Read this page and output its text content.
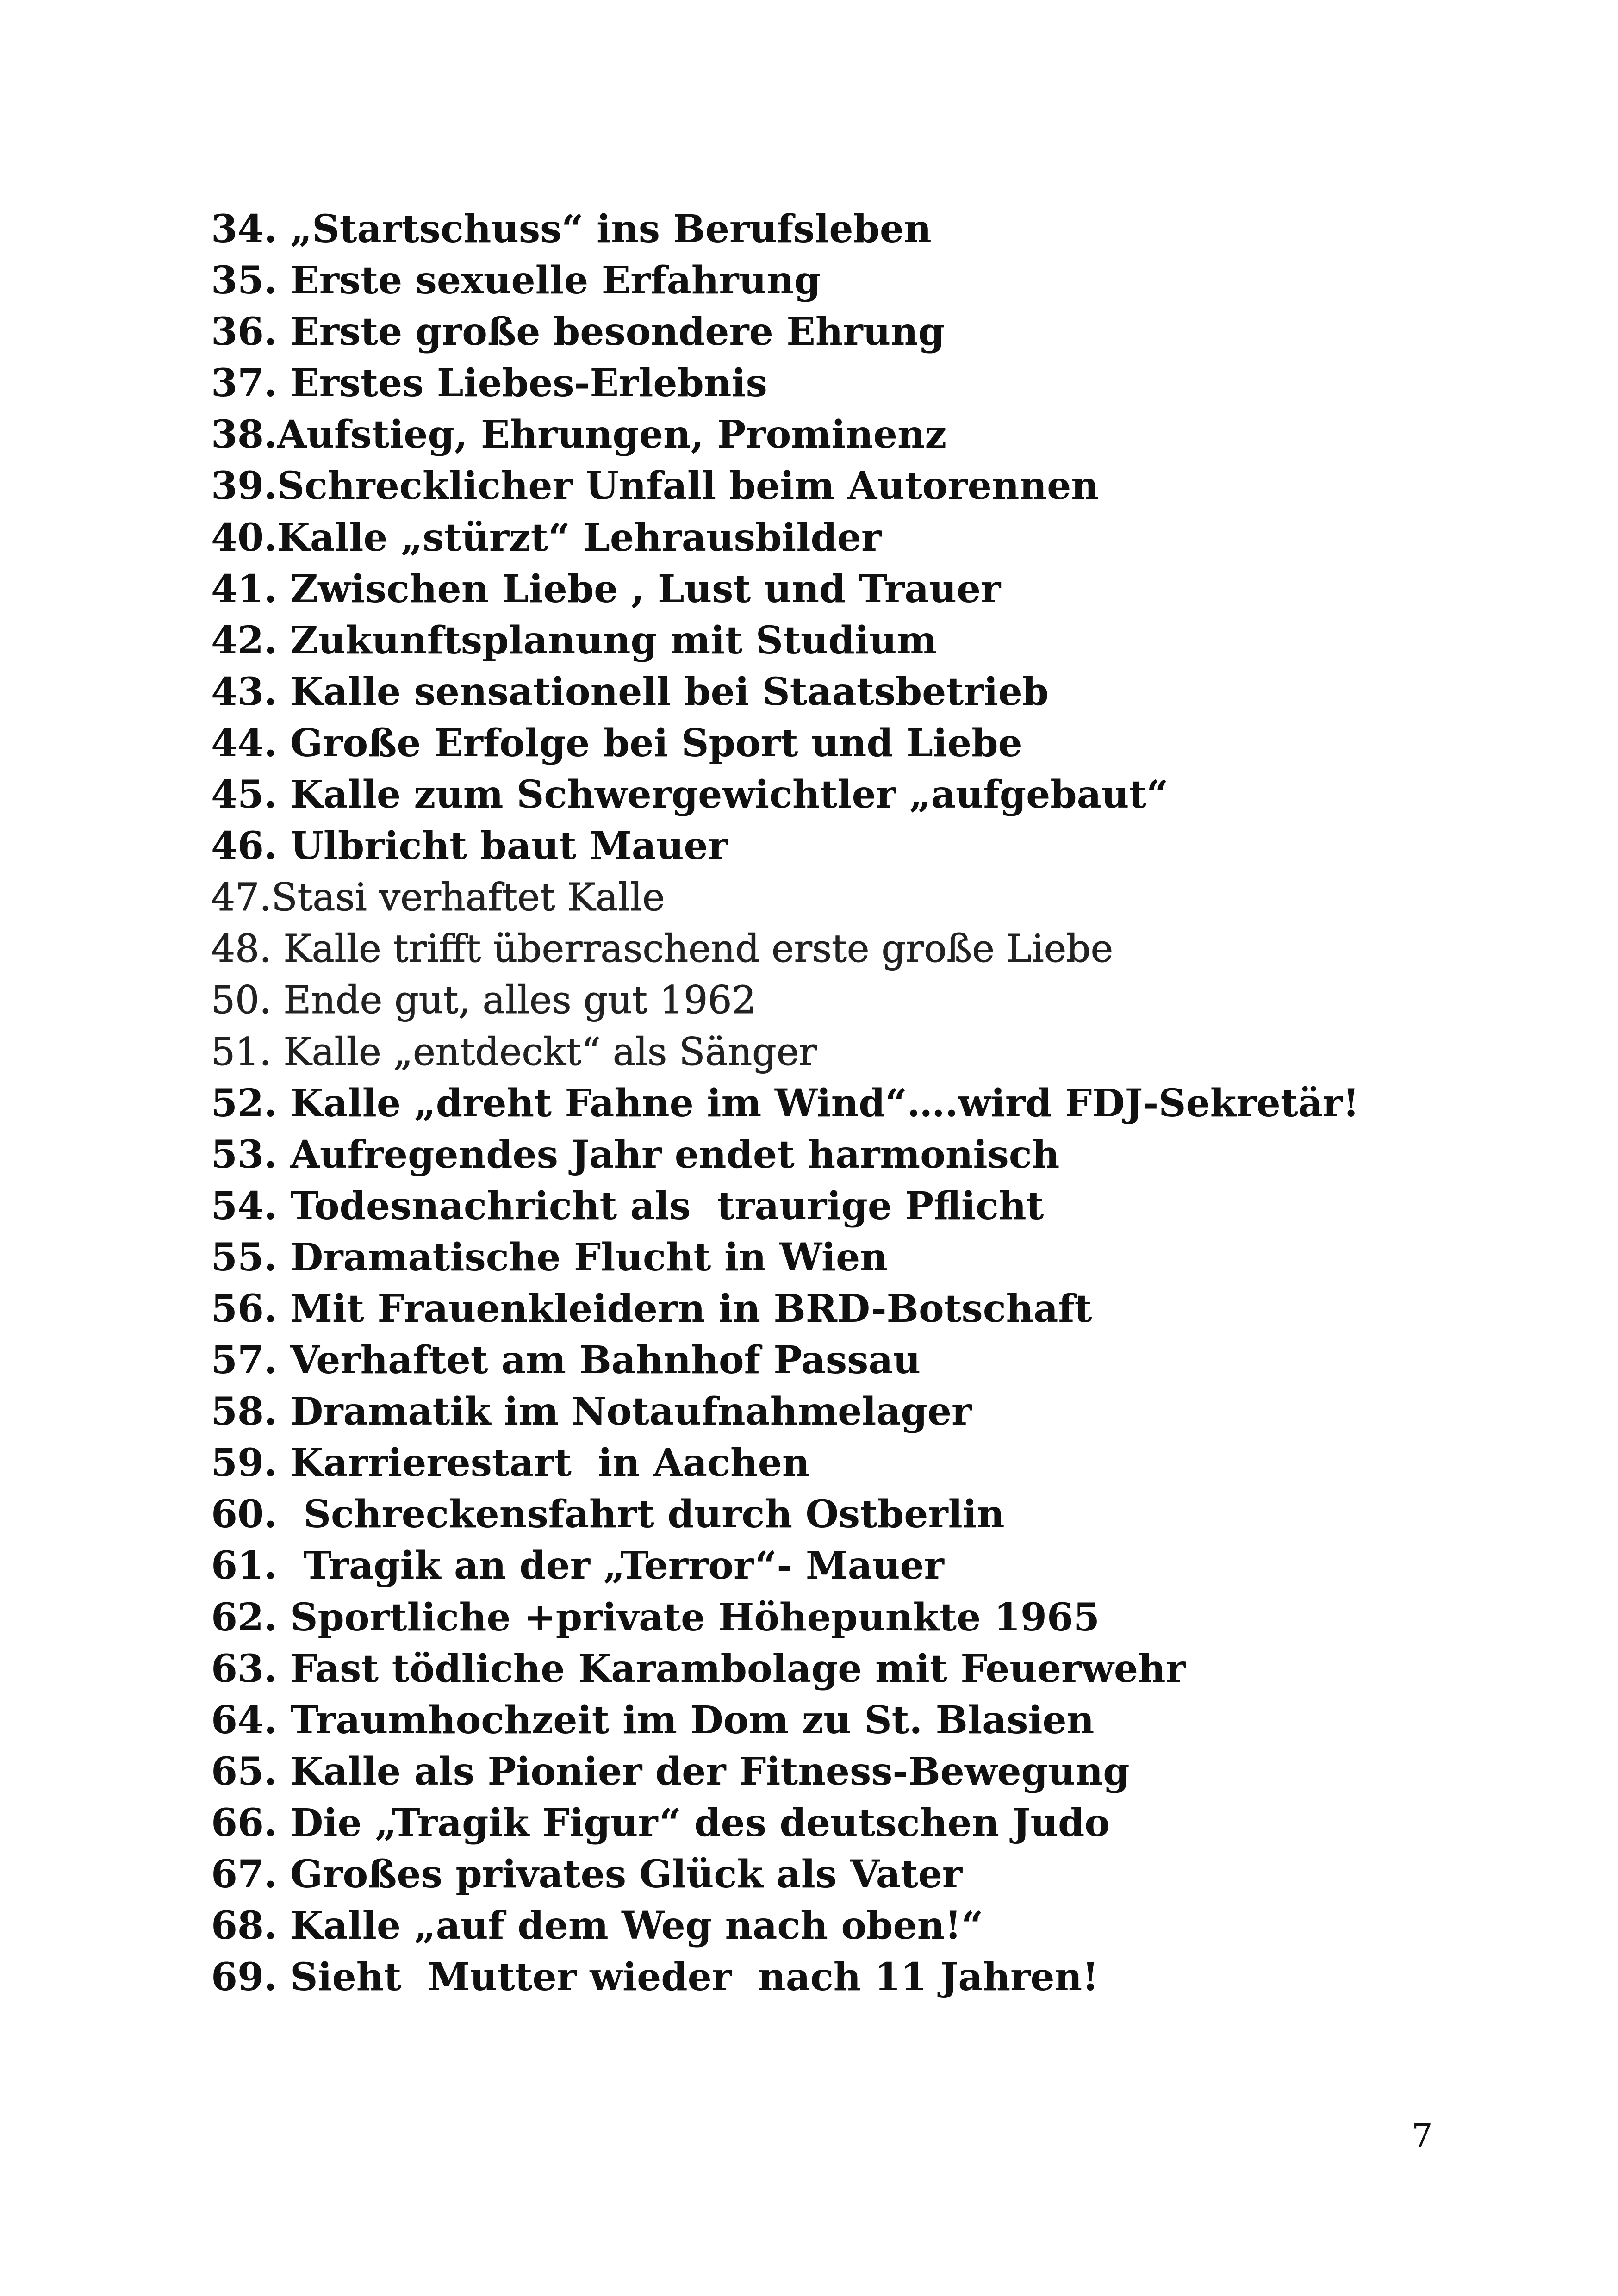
34. „Startschuss“ ins Berufsleben
35. Erste sexuelle Erfahrung
36. Erste große besondere Ehrung
37. Erstes Liebes-Erlebnis
38.Aufstieg, Ehrungen, Prominenz
39.Schrecklicher Unfall beim Autorennen
40.Kalle „stürzt“ Lehrausbilder
41. Zwischen Liebe , Lust und Trauer
42. Zukunftsplanung mit Studium
43. Kalle sensationell bei Staatsbetrieb
44. Große Erfolge bei Sport und Liebe
45. Kalle zum Schwergewichtler „aufgebaut“
46. Ulbricht baut Mauer
47.Stasi verhaftet Kalle
48. Kalle trifft überraschend erste große Liebe
50. Ende gut, alles gut 1962
51. Kalle „entdeckt“ als Sänger
52. Kalle „dreht Fahne im Wind“….wird FDJ-Sekretär!
53. Aufregendes Jahr endet harmonisch
54. Todesnachricht als  traurige Pflicht
55. Dramatische Flucht in Wien
56. Mit Frauenkleidern in BRD-Botschaft
57. Verhaftet am Bahnhof Passau
58. Dramatik im Notaufnahmelager
59. Karrierestart  in Aachen
60.  Schreckensfahrt durch Ostberlin
61.  Tragik an der „Terror“- Mauer
62. Sportliche +private Höhepunkte 1965
63. Fast tödliche Karambolage mit Feuerwehr
64. Traumhochzeit im Dom zu St. Blasien
65. Kalle als Pionier der Fitness-Bewegung
66. Die „Tragik Figur“ des deutschen Judo
67. Großes privates Glück als Vater
68. Kalle „auf dem Weg nach oben!“
69. Sieht  Mutter wieder  nach 11 Jahren!
7
